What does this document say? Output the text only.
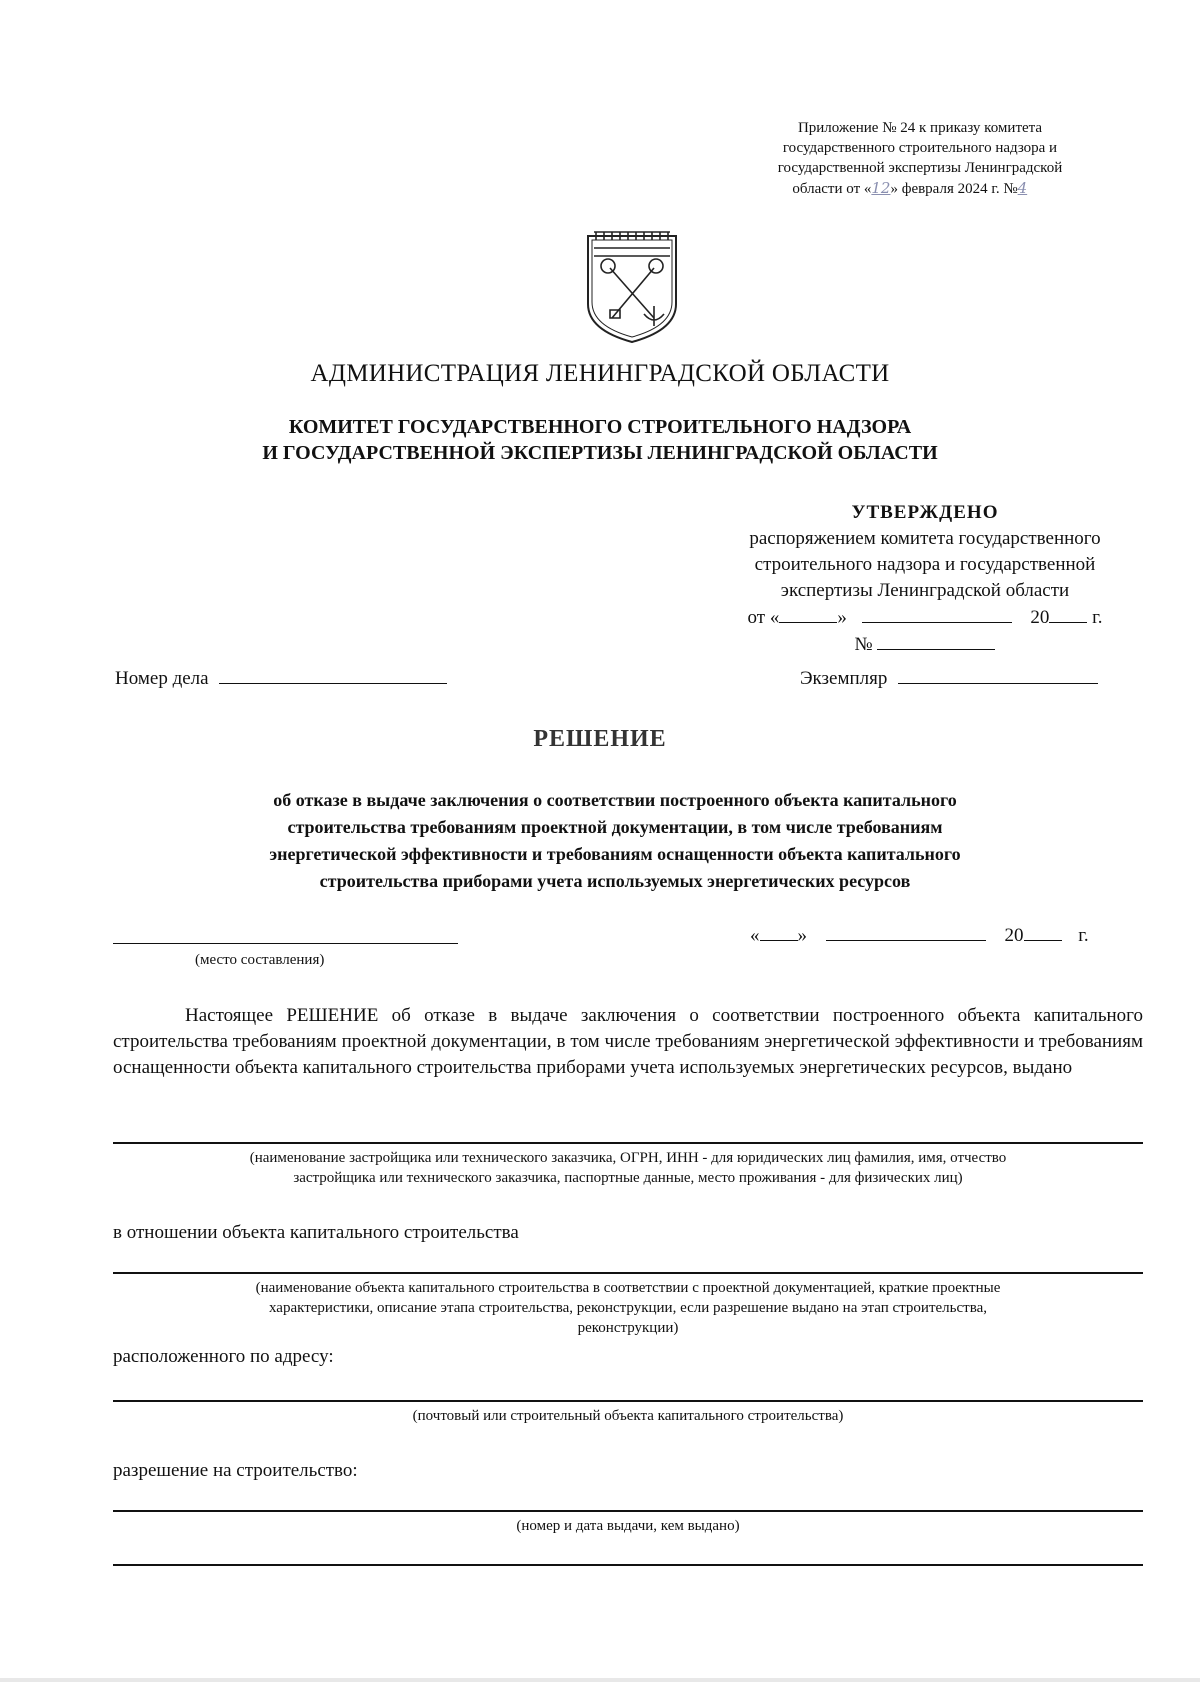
Приложение № 24 к приказу комитета
государственного строительного надзора и
государственной экспертизы Ленинградской
области от «12» февраля 2024 г. №4
АДМИНИСТРАЦИЯ ЛЕНИНГРАДСКОЙ ОБЛАСТИ
КОМИТЕТ ГОСУДАРСТВЕННОГО СТРОИТЕЛЬНОГО НАДЗОРА
И ГОСУДАРСТВЕННОЙ ЭКСПЕРТИЗЫ ЛЕНИНГРАДСКОЙ ОБЛАСТИ
УТВЕРЖДЕНО
распоряжением комитета государственного
строительного надзора и государственной
экспертизы Ленинградской области
от «	»	20 г.
№
Номер дела	Экземпляр
РЕШЕНИЕ
об отказе в выдаче заключения о соответствии построенного объекта капитального
строительства требованиям проектной документации, в том числе требованиям
энергетической эффективности и требованиям оснащенности объекта капитального
строительства приборами учета используемых энергетических ресурсов
(место составления)
« »	20	г.
Настоящее РЕШЕНИЕ об отказе в выдаче заключения о соответствии построенного объекта капитального строительства требованиям проектной документации, в том числе требованиям энергетической эффективности и требованиям оснащенности объекта капитального строительства приборами учета используемых энергетических ресурсов, выдано
(наименование застройщика или технического заказчика, ОГРН, ИНН - для юридических лиц фамилия, имя, отчество
застройщика или технического заказчика, паспортные данные, место проживания - для физических лиц)
в отношении объекта капитального строительства
(наименование объекта капитального строительства в соответствии с проектной документацией, краткие проектные
характеристики, описание этапа строительства, реконструкции, если разрешение выдано на этап строительства,
реконструкции)
расположенного по адресу:
(почтовый или строительный объекта капитального строительства)
разрешение на строительство:
(номер и дата выдачи, кем выдано)
